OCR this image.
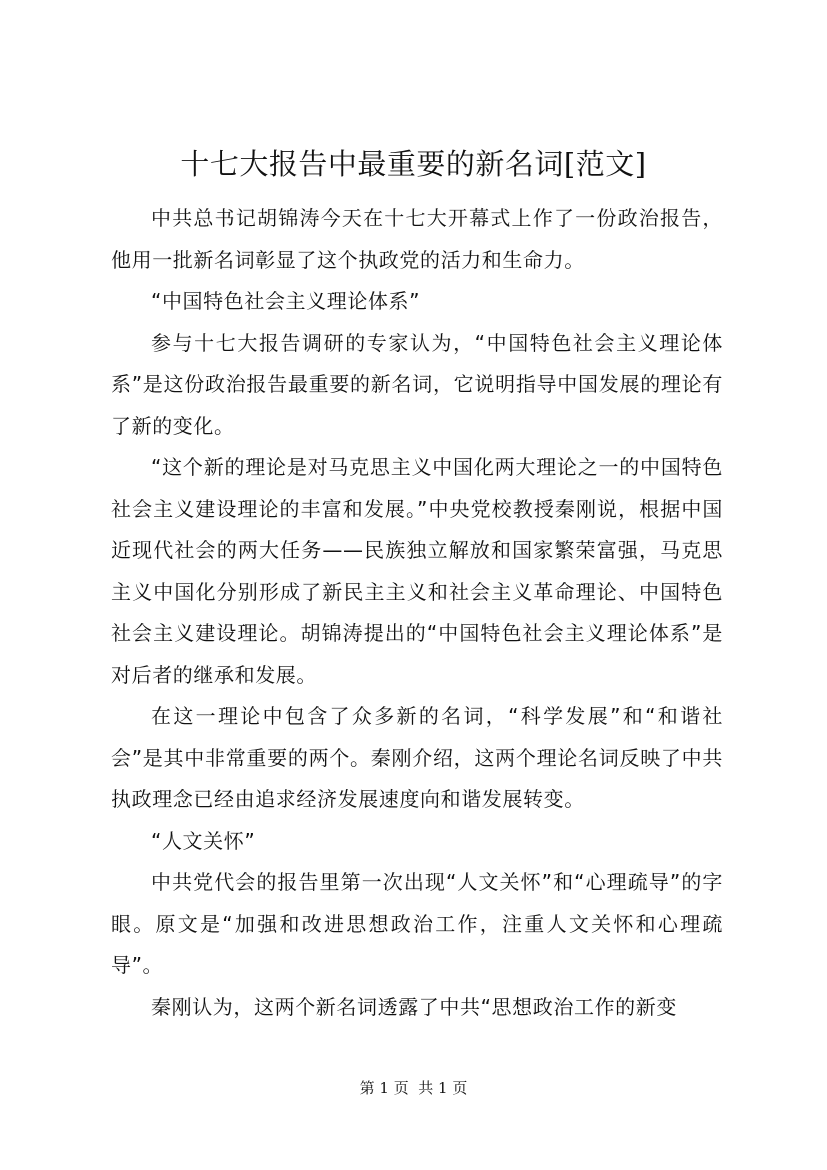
十七大报告中最重要的新名词[范文]

中共总书记胡锦涛今天在十七大开幕式上作了一份政治报告，他用一批新名词彰显了这个执政党的活力和生命力。

“中国特色社会主义理论体系”

参与十七大报告调研的专家认为，“中国特色社会主义理论体系”是这份政治报告最重要的新名词，它说明指导中国发展的理论有了新的变化。

“这个新的理论是对马克思主义中国化两大理论之一的中国特色社会主义建设理论的丰富和发展。”中央党校教授秦刚说，根据中国近现代社会的两大任务——民族独立解放和国家繁荣富强，马克思主义中国化分别形成了新民主主义和社会主义革命理论、中国特色社会主义建设理论。胡锦涛提出的“中国特色社会主义理论体系”是对后者的继承和发展。

在这一理论中包含了众多新的名词，“科学发展”和“和谐社会”是其中非常重要的两个。秦刚介绍，这两个理论名词反映了中共执政理念已经由追求经济发展速度向和谐发展转变。

“人文关怀”

中共党代会的报告里第一次出现“人文关怀”和“心理疏导”的字眼。原文是“加强和改进思想政治工作，注重人文关怀和心理疏导”。

秦刚认为，这两个新名词透露了中共“思想政治工作的新变

第 1 页  共 1 页
